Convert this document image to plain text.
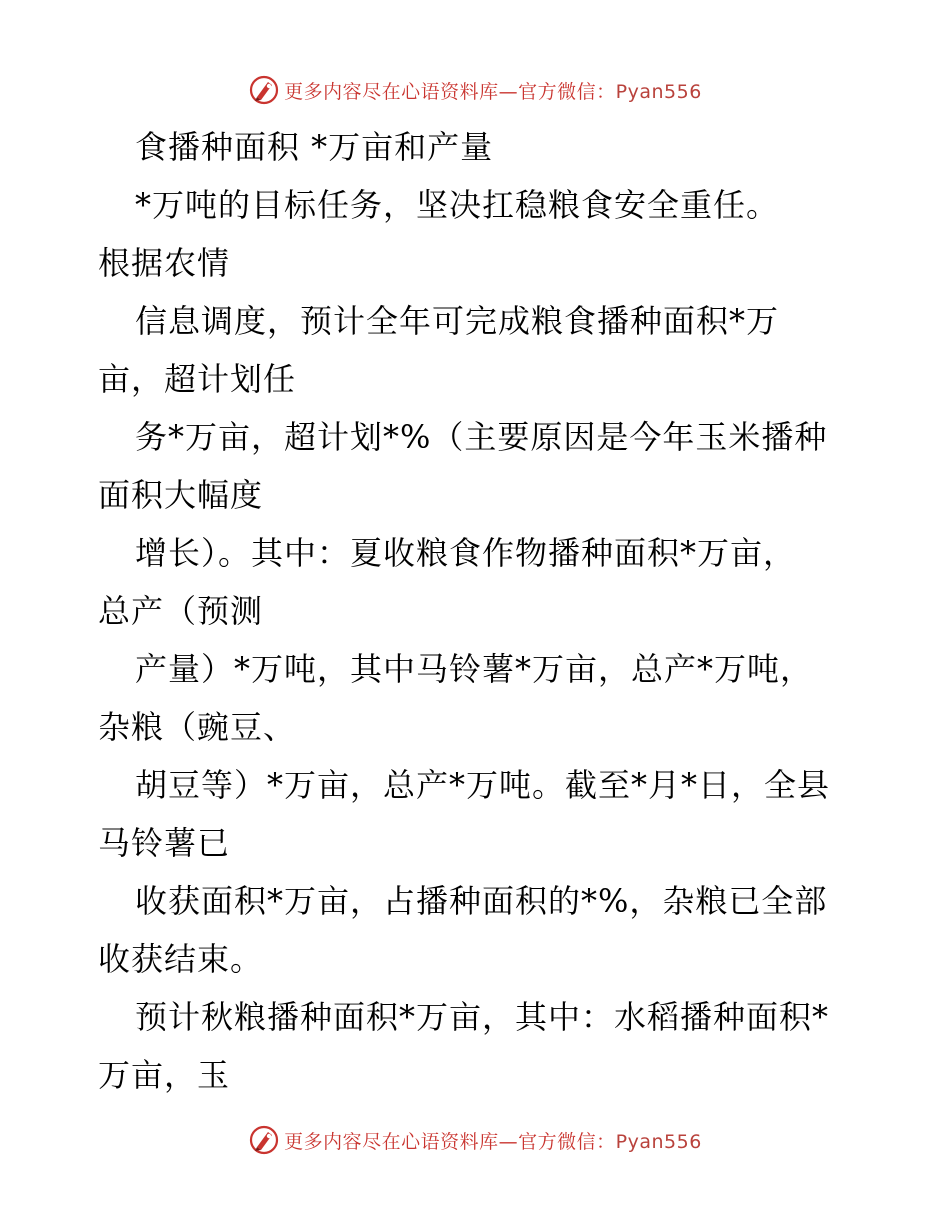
更多内容尽在心语资料库—官方微信：Pyan556
食播种面积 *万亩和产量
*万吨的目标任务，坚决扛稳粮食安全重任。
根据农情
信息调度，预计全年可完成粮食播种面积*万
亩，超计划任
务*万亩，超计划*%（主要原因是今年玉米播种
面积大幅度
增长）。其中：夏收粮食作物播种面积*万亩，
总产（预测
产量）*万吨，其中马铃薯*万亩，总产*万吨，
杂粮（豌豆、
胡豆等）*万亩，总产*万吨。截至*月*日，全县
马铃薯已
收获面积*万亩，占播种面积的*%，杂粮已全部
收获结束。
预计秋粮播种面积*万亩，其中：水稻播种面积*
万亩，玉
更多内容尽在心语资料库—官方微信：Pyan556
